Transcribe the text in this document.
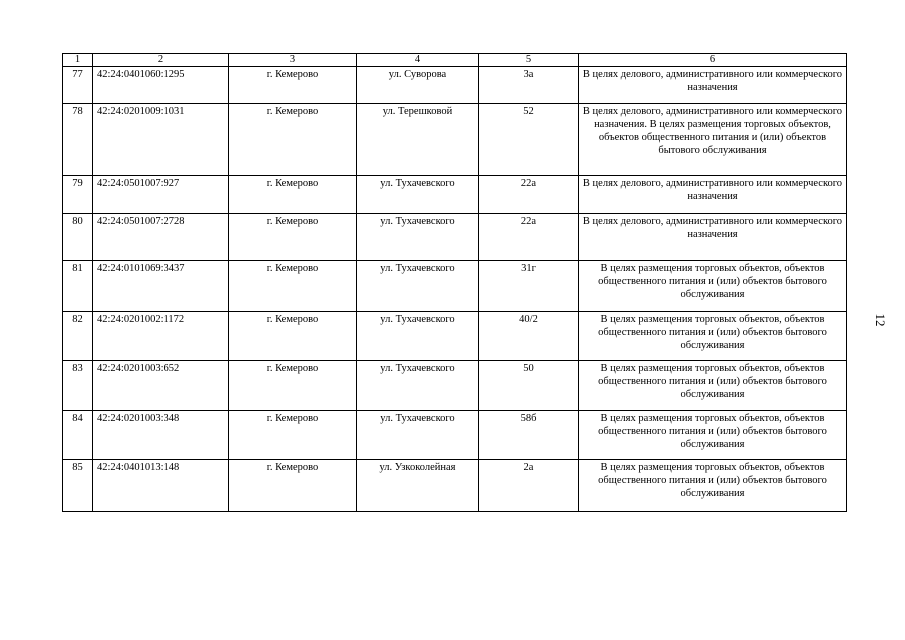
1	2	3	4	5	6
77	42:24:0401060:1295	г. Кемерово	ул. Суворова	3а	В целях делового, административного или коммерческого назначения
78	42:24:0201009:1031	г. Кемерово	ул. Терешковой	52	В целях делового, административного или коммерческого назначения. В целях размещения торговых объектов, объектов общественного питания и (или) объектов бытового обслуживания
79	42:24:0501007:927	г. Кемерово	ул. Тухачевского	22а	В целях делового, административного или коммерческого назначения
80	42:24:0501007:2728	г. Кемерово	ул. Тухачевского	22а	В целях делового, административного или коммерческого назначения
81	42:24:0101069:3437	г. Кемерово	ул. Тухачевского	31г	В целях размещения торговых объектов, объектов общественного питания и (или) объектов бытового обслуживания
82	42:24:0201002:1172	г. Кемерово	ул. Тухачевского	40/2	В целях размещения торговых объектов, объектов общественного питания и (или) объектов бытового обслуживания
83	42:24:0201003:652	г. Кемерово	ул. Тухачевского	50	В целях размещения торговых объектов, объектов общественного питания и (или) объектов бытового обслуживания
84	42:24:0201003:348	г. Кемерово	ул. Тухачевского	58б	В целях размещения торговых объектов, объектов общественного питания и (или) объектов бытового обслуживания
85	42:24:0401013:148	г. Кемерово	ул. Узкоколейная	2а	В целях размещения торговых объектов, объектов общественного питания и (или) объектов бытового обслуживания
12
